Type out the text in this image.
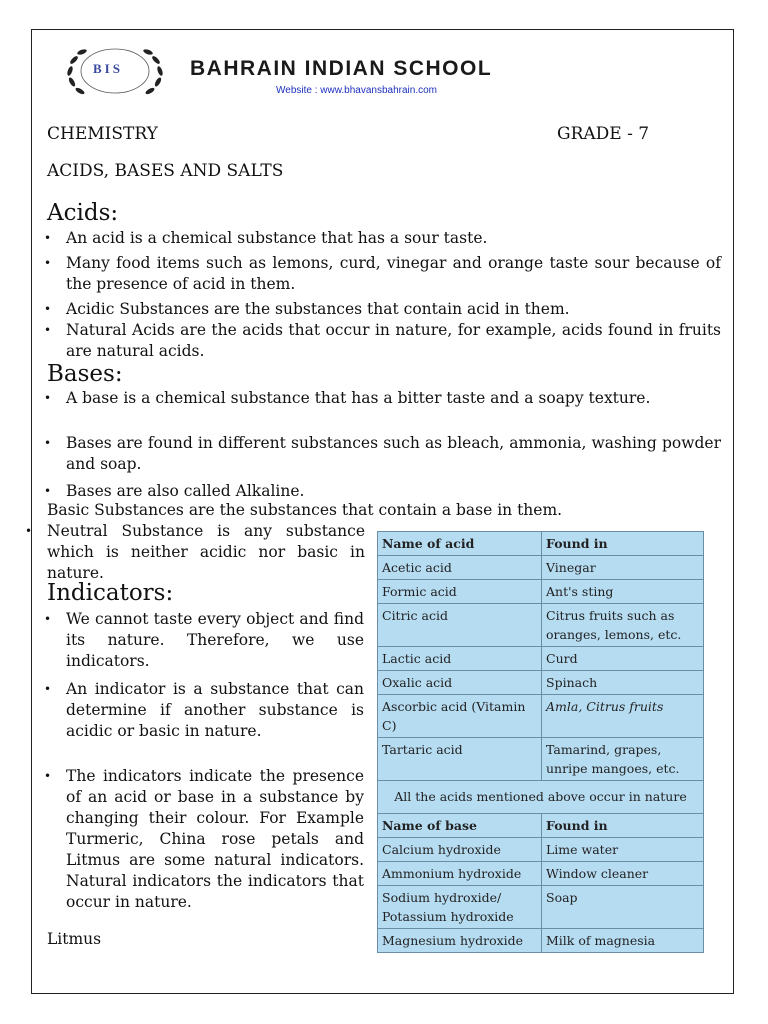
BIS	BAHRAIN INDIAN SCHOOL
Website : www.bhavansbahrain.com
CHEMISTRY	GRADE - 7
ACIDS, BASES AND SALTS
Acids:
• An acid is a chemical substance that has a sour taste.
• Many food items such as lemons, curd, vinegar and orange taste sour because of the presence of acid in them.
• Acidic Substances are the substances that contain acid in them.
• Natural Acids are the acids that occur in nature, for example, acids found in fruits are natural acids.
Bases:
• A base is a chemical substance that has a bitter taste and a soapy texture.
• Bases are found in different substances such as bleach, ammonia, washing powder and soap.
• Bases are also called Alkaline.
Basic Substances are the substances that contain a base in them.
• Neutral Substance is any substance which is neither acidic nor basic in nature.
Indicators:
• We cannot taste every object and find its nature. Therefore, we use indicators.
• An indicator is a substance that can determine if another substance is acidic or basic in nature.
• The indicators indicate the presence of an acid or base in a substance by changing their colour. For Example Turmeric, China rose petals and Litmus are some natural indicators. Natural indicators the indicators that occur in nature.
Litmus
Name of acid	Found in
Acetic acid	Vinegar
Formic acid	Ant's sting
Citric acid	Citrus fruits such as oranges, lemons, etc.
Lactic acid	Curd
Oxalic acid	Spinach
Ascorbic acid (Vitamin C)	Amla, Citrus fruits
Tartaric acid	Tamarind, grapes, unripe mangoes, etc.
All the acids mentioned above occur in nature	
Name of base	Found in
Calcium hydroxide	Lime water
Ammonium hydroxide	Window cleaner
Sodium hydroxide/ Potassium hydroxide	Soap
Magnesium hydroxide	Milk of magnesia
